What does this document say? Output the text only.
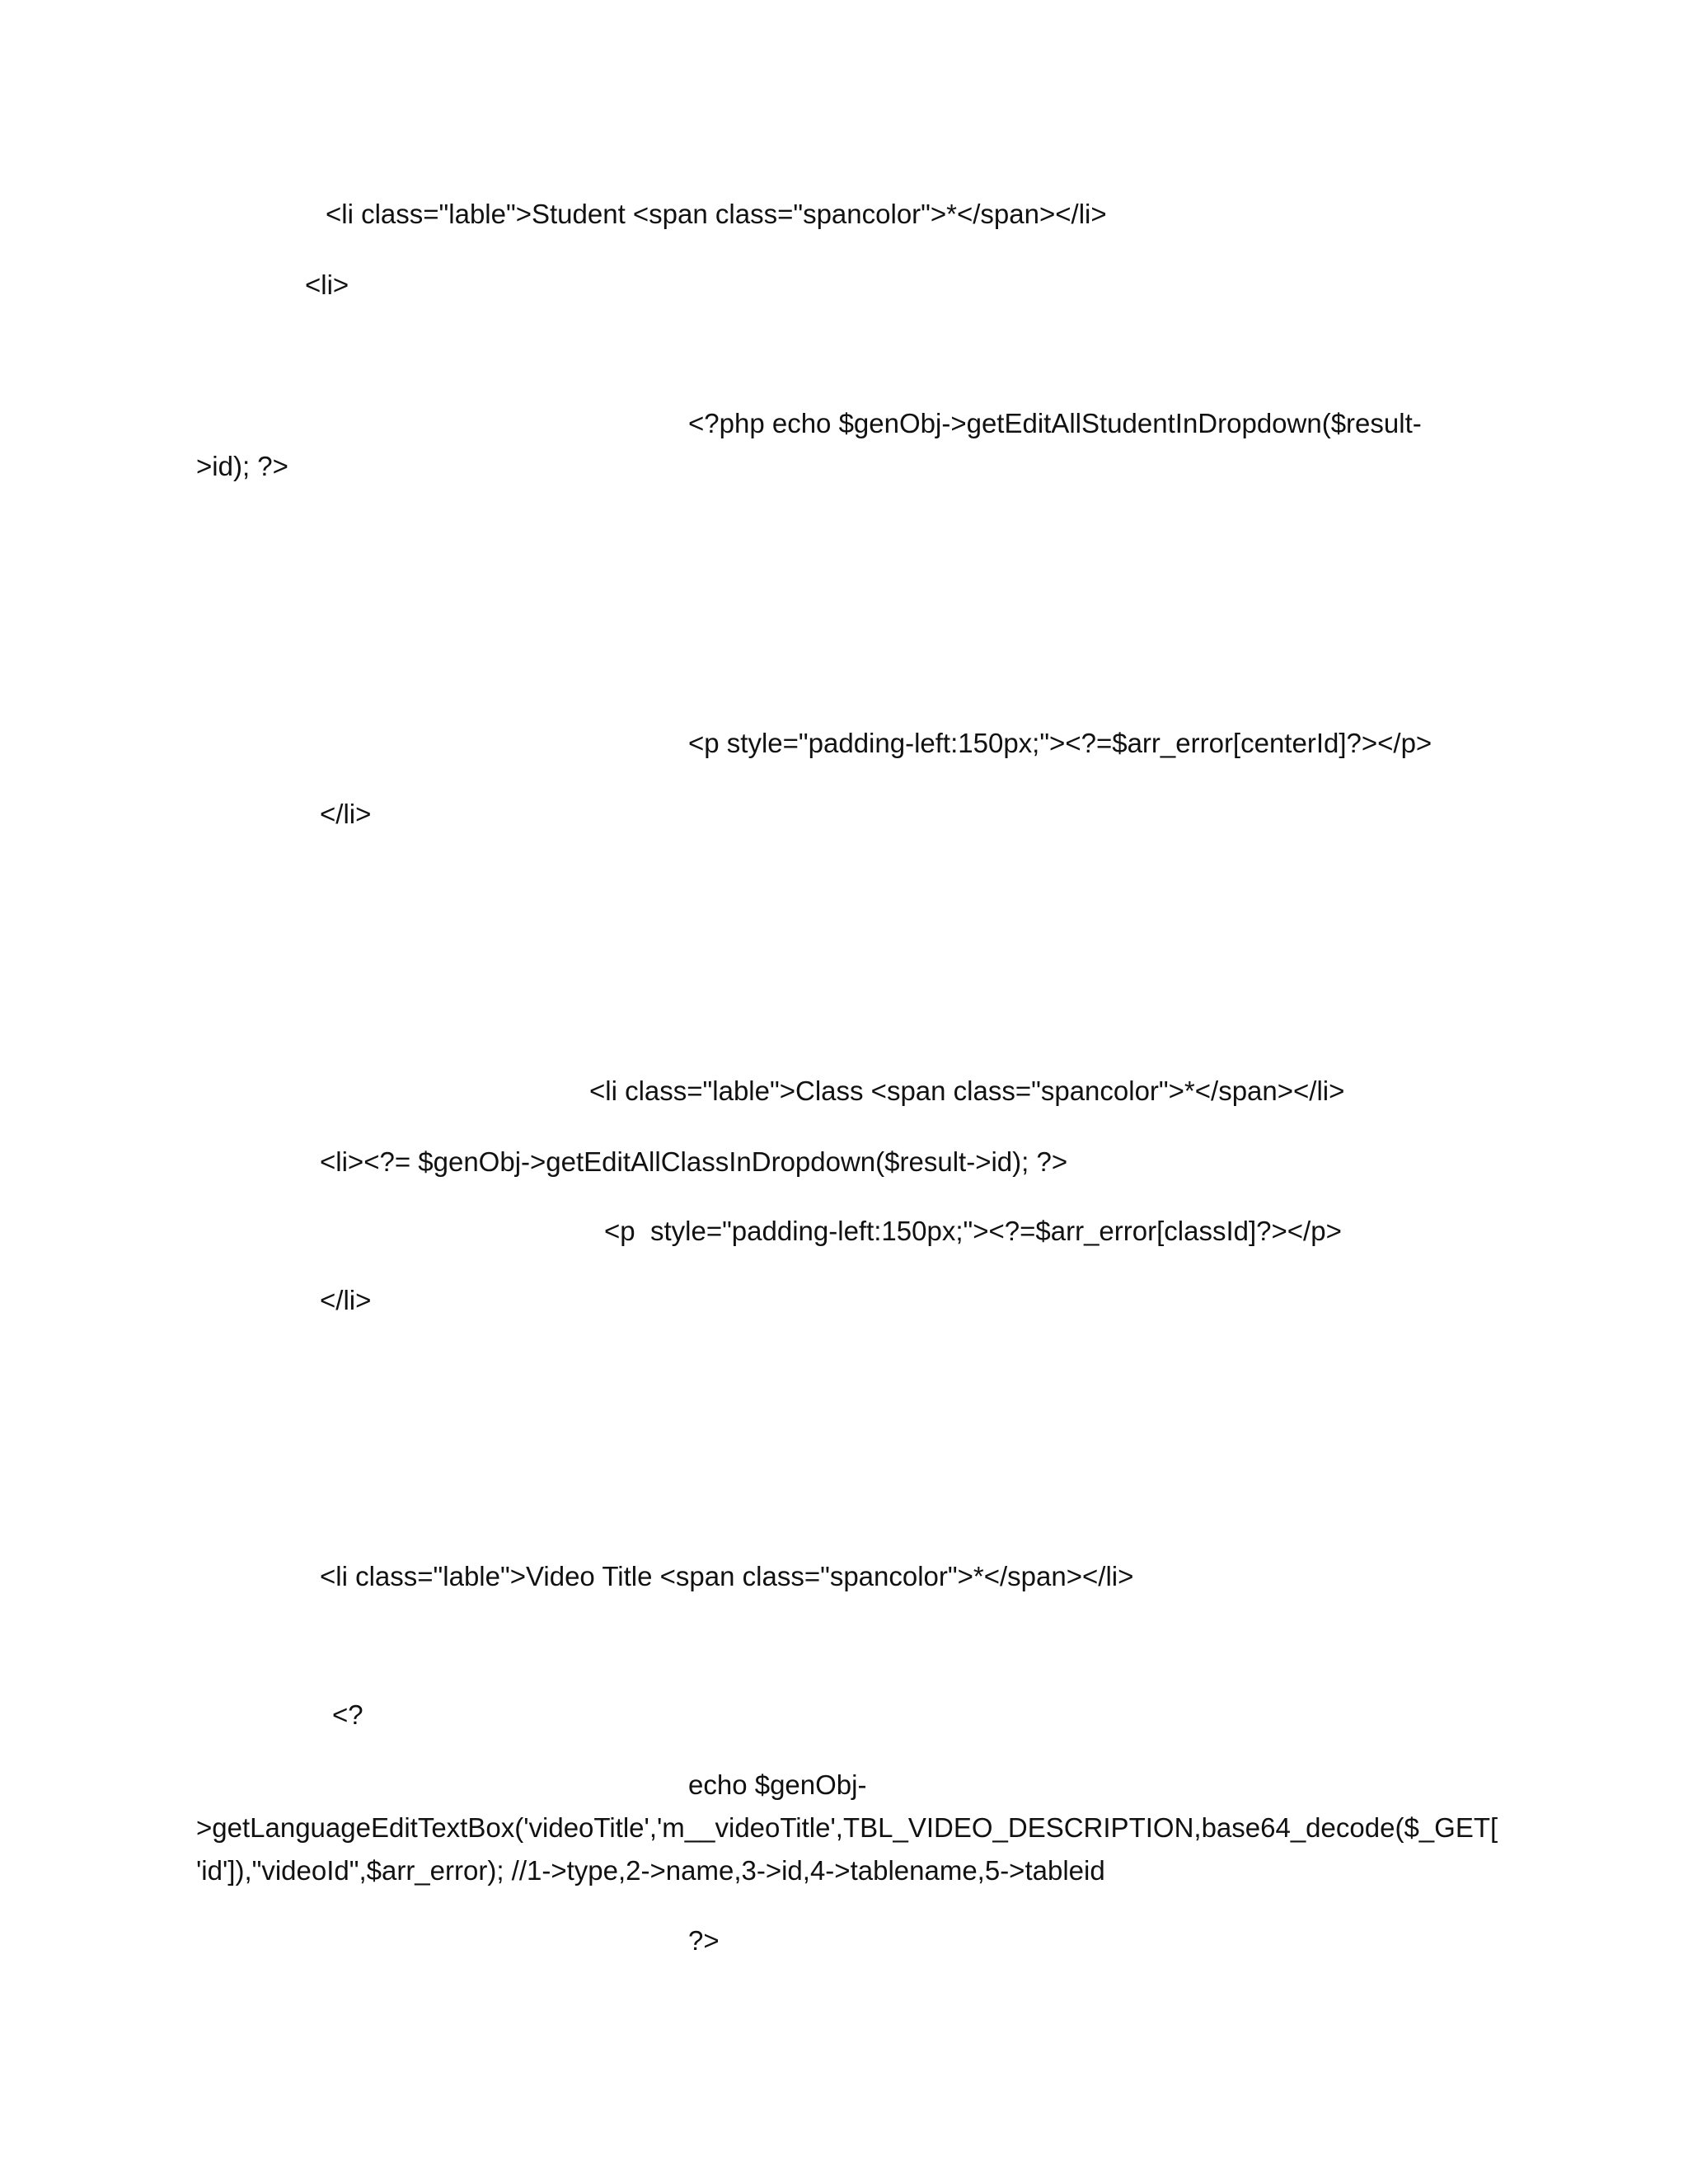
<li class="lable">Student <span class="spancolor">*</span></li>
<li>
<?php echo $genObj->getEditAllStudentInDropdown($result-
>id); ?>
<p style="padding-left:150px;"><?=$arr_error[centerId]?></p>
</li>
<li class="lable">Class <span class="spancolor">*</span></li>
<li><?= $genObj->getEditAllClassInDropdown($result->id); ?>
<p  style="padding-left:150px;"><?=$arr_error[classId]?></p>
</li>
<li class="lable">Video Title <span class="spancolor">*</span></li>
<?
echo $genObj-
>getLanguageEditTextBox('videoTitle','m__videoTitle',TBL_VIDEO_DESCRIPTION,base64_decode($_GET[
'id']),"videoId",$arr_error); //1->type,2->name,3->id,4->tablename,5->tableid
?>
